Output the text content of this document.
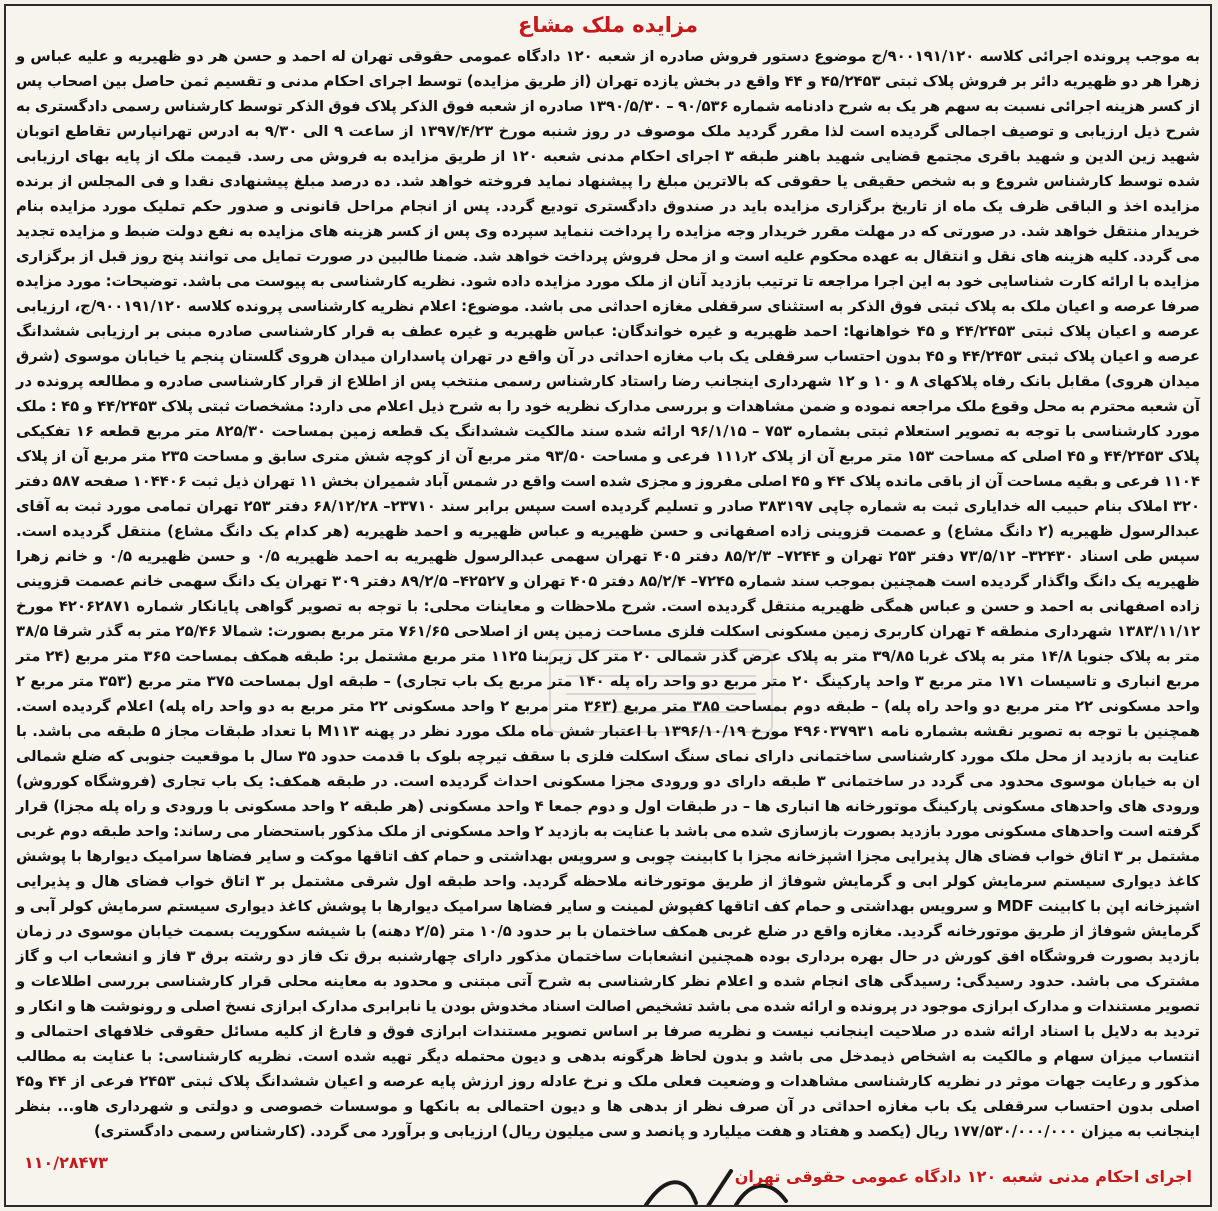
مزایده ملک مشاع
به موجب پرونده اجرائی کلاسه ۹۰۰۱۹۱/۱۲۰/ج موضوع دستور فروش صادره از شعبه ۱۲۰ دادگاه عمومی حقوقی تهران له احمد و حسن هر دو ظهیریه و علیه عباس و زهرا هر دو ظهیریه دائر بر فروش پلاک ثبتی ۴۵/۲۴۵۳ و ۴۴ واقع در بخش یازده تهران (از طریق مزایده) توسط اجرای احکام مدنی و تقسیم ثمن حاصل بین اصحاب پس از کسر هزینه اجرائی نسبت به سهم هر یک به شرح دادنامه شماره ۹۰/۵۳۶ – ۱۳۹۰/۵/۳۰ صادره از شعبه فوق الذکر پلاک فوق الذکر توسط کارشناس رسمی دادگستری به شرح ذیل ارزیابی و توصیف اجمالی گردیده است لذا مقرر گردید ملک موصوف در روز شنبه مورخ ۱۳۹۷/۴/۲۳ از ساعت ۹ الی ۹/۳۰ به ادرس تهرانپارس تقاطع اتوبان شهید زین الدین و شهید باقری مجتمع قضایی شهید باهنر طبقه ۳ اجرای احکام مدنی شعبه ۱۲۰ از طریق مزایده به فروش می رسد. قیمت ملک از پایه بهای ارزیابی شده توسط کارشناس شروع و به شخص حقیقی یا حقوقی که بالاترین مبلغ را پیشنهاد نماید فروخته خواهد شد. ده درصد مبلغ پیشنهادی نقدا و فی المجلس از برنده مزایده اخذ و الباقی ظرف یک ماه از تاریخ برگزاری مزایده باید در صندوق دادگستری تودیع گردد. پس از انجام مراحل قانونی و صدور حکم تملیک مورد مزایده بنام خریدار منتقل خواهد شد. در صورتی که در مهلت مقرر خریدار وجه مزایده را پرداخت ننماید سپرده وی پس از کسر هزینه های مزایده به نفع دولت ضبط و مزایده تجدید می گردد. کلیه هزینه های نقل و انتقال به عهده محکوم علیه است و از محل فروش پرداخت خواهد شد. ضمنا طالبین در صورت تمایل می توانند پنج روز قبل از برگزاری مزایده با ارائه کارت شناسایی خود به این اجرا مراجعه تا ترتیب بازدید آنان از ملک مورد مزایده داده شود. نظریه کارشناسی به پیوست می باشد. توضیحات: مورد مزایده صرفا عرصه و اعیان ملک به پلاک ثبتی فوق الذکر به استثنای سرقفلی مغازه احداثی می باشد. موضوع: اعلام نظریه کارشناسی پرونده کلاسه ۹۰۰۱۹۱/۱۲۰/ج، ارزیابی عرصه و اعیان پلاک ثبتی ۴۴/۲۴۵۳ و ۴۵ خواهانها: احمد ظهیریه و غیره خواندگان: عباس ظهیریه و غیره عطف به قرار کارشناسی صادره مبنی بر ارزیابی ششدانگ عرصه و اعیان پلاک ثبتی ۴۴/۲۴۵۳ و ۴۵ بدون احتساب سرقفلی یک باب مغازه احداثی در آن واقع در تهران پاسداران میدان هروی گلستان پنجم یا خیابان موسوی (شرق میدان هروی) مقابل بانک رفاه پلاکهای ۸ و ۱۰ و ۱۲ شهرداری اینجانب رضا راستاد کارشناس رسمی منتخب پس از اطلاع از قرار کارشناسی صادره و مطالعه پرونده در آن شعبه محترم به محل وقوع ملک مراجعه نموده و ضمن مشاهدات و بررسی مدارک نظریه خود را به شرح ذیل اعلام می دارد: مشخصات ثبتی پلاک ۴۴/۲۴۵۳ و ۴۵ : ملک مورد کارشناسی با توجه به تصویر استعلام ثبتی بشماره ۷۵۳ – ۹۶/۱/۱۵ ارائه شده سند مالکیت ششدانگ یک قطعه زمین بمساحت ۸۲۵/۳۰ متر مربع قطعه ۱۶ تفکیکی پلاک ۴۴/۲۴۵۳ و ۴۵ اصلی که مساحت ۱۵۳ متر مربع آن از پلاک ۱۱۱٫۲ فرعی و مساحت ۹۳/۵۰ متر مربع آن از کوچه شش متری سابق و مساحت ۲۳۵ متر مربع آن از پلاک ۱۱۰۴ فرعی و بقیه مساحت آن از باقی مانده پلاک ۴۴ و ۴۵ اصلی مفروز و مجزی شده است واقع در شمس آباد شمیران بخش ۱۱ تهران ذیل ثبت ۱۰۴۴۰۶ صفحه ۵۸۷ دفتر ۳۲۰ املاک بنام حبیب اله خدایاری ثبت به شماره چاپی ۳۸۳۱۹۷ صادر و تسلیم گردیده است سپس برابر سند ۲۳۷۱۰– ۶۸/۱۲/۲۸ دفتر ۲۵۳ تهران تمامی مورد ثبت به آقای عبدالرسول ظهیریه (۲ دانگ مشاع) و عصمت قزوینی زاده اصفهانی و حسن ظهیریه و عباس ظهیریه و احمد ظهیریه (هر کدام یک دانگ مشاع) منتقل گردیده است. سپس طی اسناد ۳۲۴۳۰– ۷۳/۵/۱۲ دفتر ۲۵۳ تهران و ۷۲۴۴– ۸۵/۲/۳ دفتر ۴۰۵ تهران سهمی عبدالرسول ظهیریه به احمد ظهیریه ۰/۵ و حسن ظهیریه ۰/۵ و خانم زهرا ظهیریه یک دانگ واگذار گردیده است همچنین بموجب سند شماره ۷۲۴۵– ۸۵/۲/۴ دفتر ۴۰۵ تهران و ۴۲۵۲۷– ۸۹/۲/۵ دفتر ۳۰۹ تهران یک دانگ سهمی خانم عصمت قزوینی زاده اصفهانی به احمد و حسن و عباس همگی ظهیریه منتقل گردیده است. شرح ملاحظات و معاینات محلی: با توجه به تصویر گواهی پایانکار شماره ۴۲۰۶۲۸۷۱ مورخ ۱۳۸۳/۱۱/۱۲ شهرداری منطقه ۴ تهران کاربری زمین مسکونی اسکلت فلزی مساحت زمین پس از اصلاحی ۷۶۱/۶۵ متر مربع بصورت: شمالا ۲۵/۴۶ متر به گذر شرقا ۳۸/۵ متر به پلاک جنوبا ۱۴/۸ متر به پلاک غربا ۳۹/۸۵ متر به پلاک عرض گذر شمالی ۲۰ متر کل زیربنا ۱۱۲۵ متر مربع مشتمل بر: طبقه همکف بمساحت ۳۶۵ متر مربع (۲۴ متر مربع انباری و تاسیسات ۱۷۱ متر مربع ۳ واحد پارکینگ ۲۰ متر مربع دو واحد راه پله ۱۴۰ متر مربع یک باب تجاری) – طبقه اول بمساحت ۳۷۵ متر مربع (۳۵۳ متر مربع ۲ واحد مسکونی ۲۲ متر مربع دو واحد راه پله) – طبقه دوم بمساحت ۳۸۵ متر مربع (۳۶۳ متر مربع ۲ واحد مسکونی ۲۲ متر مربع به دو واحد راه پله) اعلام گردیده است. همچنین با توجه به تصویر نقشه بشماره نامه ۴۹۶۰۳۷۹۳۱ مورخ ۱۳۹۶/۱۰/۱۹ با اعتبار شش ماه ملک مورد نظر در پهنه M۱۱۳ با تعداد طبقات مجاز ۵ طبقه می باشد. با عنایت به بازدید از محل ملک مورد کارشناسی ساختمانی دارای نمای سنگ اسکلت فلزی با سقف تیرچه بلوک با قدمت حدود ۳۵ سال با موقعیت جنوبی که ضلع شمالی ان به خیابان موسوی محدود می گردد در ساختمانی ۳ طبقه دارای دو ورودی مجزا مسکونی احداث گردیده است. در طبقه همکف: یک باب تجاری (فروشگاه کوروش) ورودی های واحدهای مسکونی پارکینگ موتورخانه ها انباری ها – در طبقات اول و دوم جمعا ۴ واحد مسکونی (هر طبقه ۲ واحد مسکونی با ورودی و راه پله مجزا) قرار گرفته است واحدهای مسکونی مورد بازدید بصورت بازسازی شده می باشد با عنایت به بازدید ۲ واحد مسکونی از ملک مذکور باستحضار می رساند: واحد طبقه دوم غربی مشتمل بر ۳ اتاق خواب فضای هال پذیرایی مجزا اشپزخانه مجزا با کابینت چوبی و سرویس بهداشتی و حمام کف اتاقها موکت و سایر فضاها سرامیک دیوارها با پوشش کاغذ دیواری سیستم سرمایش کولر ابی و گرمایش شوفاژ از طریق موتورخانه ملاحظه گردید. واحد طبقه اول شرقی مشتمل بر ۳ اتاق خواب فضای هال و پذیرایی اشپزخانه اپن با کابینت MDF و سرویس بهداشتی و حمام کف اتاقها کفپوش لمینت و سایر فضاها سرامیک دیوارها با پوشش کاغذ دیواری سیستم سرمایش کولر آبی و گرمایش شوفاژ از طریق موتورخانه گردید. مغازه واقع در ضلع غربی همکف ساختمان با بر حدود ۱۰/۵ متر (۲/۵ دهنه) با شیشه سکوریت بسمت خیابان موسوی در زمان بازدید بصورت فروشگاه افق کورش در حال بهره برداری بوده همچنین انشعابات ساختمان مذکور دارای چهارشنبه برق تک فاز دو رشته برق ۳ فاز و انشعاب اب و گاز مشترک می باشد. حدود رسیدگی: رسیدگی های انجام شده و اعلام نظر کارشناسی به شرح آتی مبتنی و محدود به معاینه محلی قرار کارشناسی بررسی اطلاعات و تصویر مستندات و مدارک ابرازی موجود در پرونده و ارائه شده می باشد تشخیص اصالت اسناد مخدوش بودن یا نابرابری مدارک ابرازی نسخ اصلی و رونوشت ها و انکار و تردید به دلایل با اسناد ارائه شده در صلاحیت اینجانب نیست و نظریه صرفا بر اساس تصویر مستندات ابرازی فوق و فارغ از کلیه مسائل حقوقی خلافهای احتمالی و انتساب میزان سهام و مالکیت به اشخاص ذیمدخل می باشد و بدون لحاظ هرگونه بدهی و دیون محتمله دیگر تهیه شده است. نظریه کارشناسی: با عنایت به مطالب مذکور و رعایت جهات موثر در نظریه کارشناسی مشاهدات و وضعیت فعلی ملک و نرخ عادله روز ارزش پایه عرصه و اعیان ششدانگ پلاک ثبتی ۲۴۵۳ فرعی از ۴۴ و۴۵ اصلی بدون احتساب سرقفلی یک باب مغازه احداثی در آن صرف نظر از بدهی ها و دیون احتمالی به بانکها و موسسات خصوصی و دولتی و شهرداری هاو... بنظر اینجانب به میزان ۱۷۷/۵۳۰/۰۰۰/۰۰۰ ریال (یکصد و هفتاد و هفت میلیارد و پانصد و سی میلیون ریال) ارزیابی و برآورد می گردد. (کارشناس رسمی دادگستری)
۱۱۰/۲۸۴۷۳
اجرای احکام مدنی شعبه ۱۲۰ دادگاه عمومی حقوقی تهران
